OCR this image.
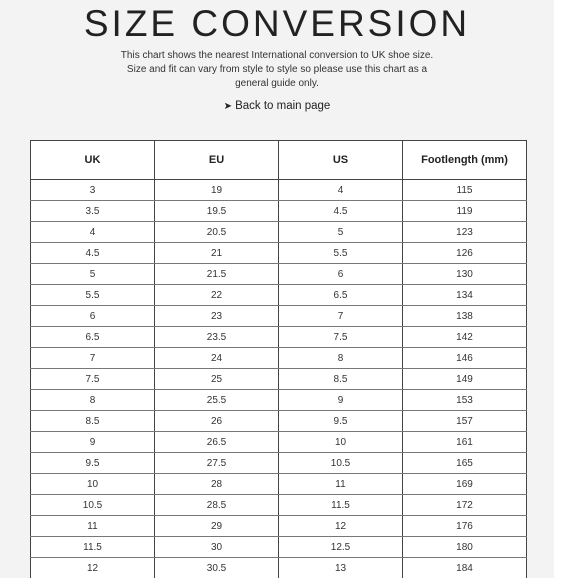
SIZE CONVERSION
This chart shows the nearest International conversion to UK shoe size. Size and fit can vary from style to style so please use this chart as a general guide only.
➤ Back to main page
UK	EU	US	Footlength (mm)
3	19	4	115
3.5	19.5	4.5	119
4	20.5	5	123
4.5	21	5.5	126
5	21.5	6	130
5.5	22	6.5	134
6	23	7	138
6.5	23.5	7.5	142
7	24	8	146
7.5	25	8.5	149
8	25.5	9	153
8.5	26	9.5	157
9	26.5	10	161
9.5	27.5	10.5	165
10	28	11	169
10.5	28.5	11.5	172
11	29	12	176
11.5	30	12.5	180
12	30.5	13	184
